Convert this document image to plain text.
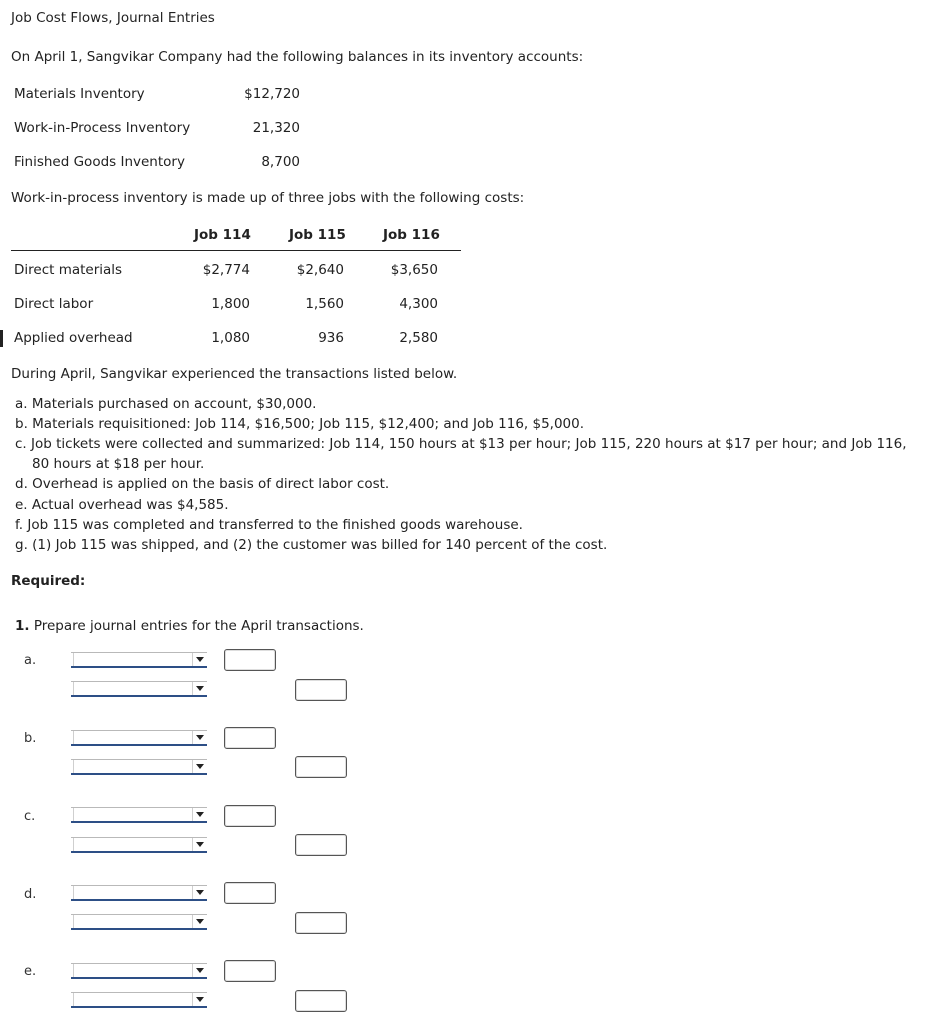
Job Cost Flows, Journal Entries
On April 1, Sangvikar Company had the following balances in its inventory accounts:
Materials Inventory	$12,720
Work-in-Process Inventory	21,320
Finished Goods Inventory	8,700
Work-in-process inventory is made up of three jobs with the following costs:
Job 114	Job 115	Job 116
Direct materials	$2,774	$2,640	$3,650
Direct labor	1,800	1,560	4,300
Applied overhead	1,080	936	2,580
During April, Sangvikar experienced the transactions listed below.
a. Materials purchased on account, $30,000.
b. Materials requisitioned: Job 114, $16,500; Job 115, $12,400; and Job 116, $5,000.
c. Job tickets were collected and summarized: Job 114, 150 hours at $13 per hour; Job 115, 220 hours at $17 per hour; and Job 116,
80 hours at $18 per hour.
d. Overhead is applied on the basis of direct labor cost.
e. Actual overhead was $4,585.
f. Job 115 was completed and transferred to the finished goods warehouse.
g. (1) Job 115 was shipped, and (2) the customer was billed for 140 percent of the cost.
Required:
1. Prepare journal entries for the April transactions.
a.
b.
c.
d.
e.
